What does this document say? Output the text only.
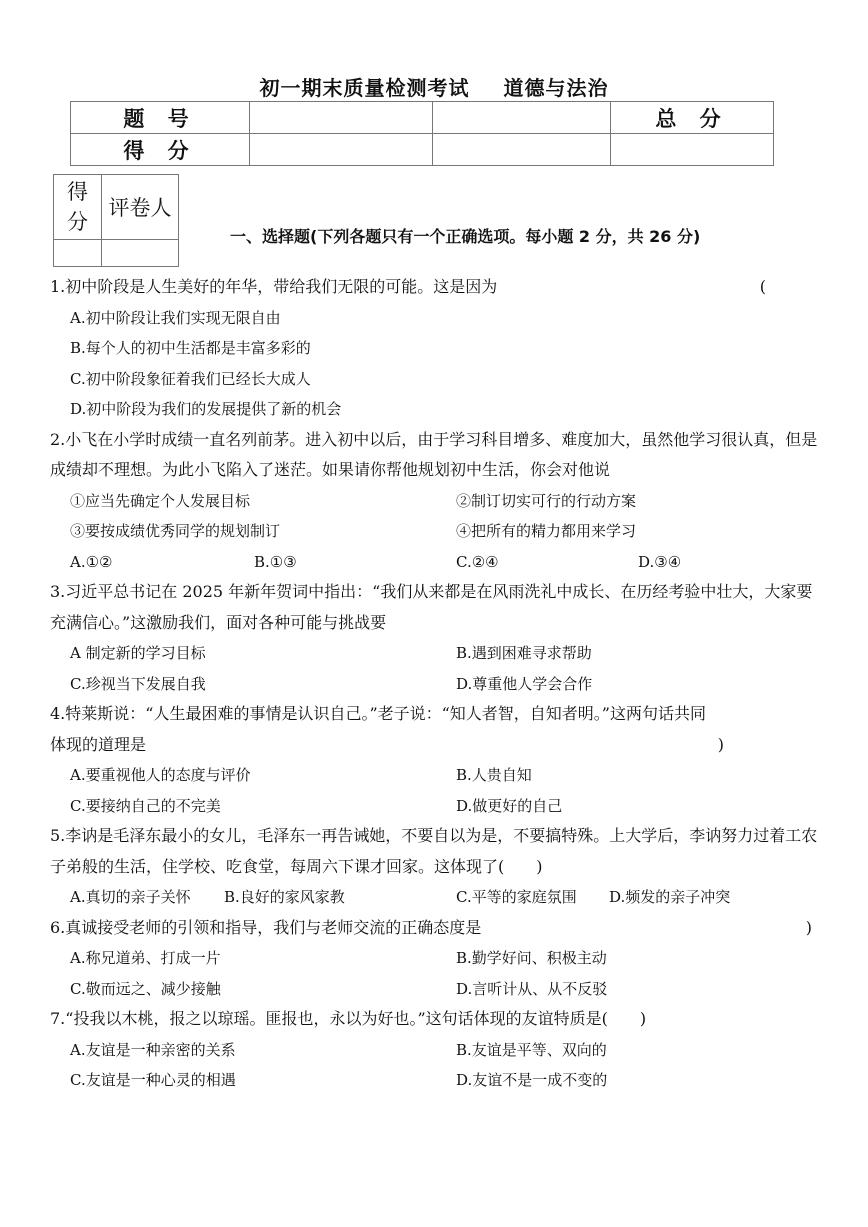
初一期末质量检测考试 道德与法治
题 号			总 分
得 分			
得 分	评卷人

一、选择题(下列各题只有一个正确选项。每小题 2 分，共 26 分)

1.初中阶段是人生美好的年华，带给我们无限的可能。这是因为	(
A.初中阶段让我们实现无限自由
B.每个人的初中生活都是丰富多彩的
C.初中阶段象征着我们已经长大成人
D.初中阶段为我们的发展提供了新的机会

2.小飞在小学时成绩一直名列前茅。进入初中以后，由于学习科目增多、难度加大，虽然他学习很认真，但是成绩却不理想。为此小飞陷入了迷茫。如果请你帮他规划初中生活，你会对他说

①应当先确定个人发展目标	②制订切实可行的行动方案
③要按成绩优秀同学的规划制订	④把所有的精力都用来学习
A.①②	B.①③	C.②④	D.③④

3.习近平总书记在 2025 年新年贺词中指出：“我们从来都是在风雨洗礼中成长、在历经考验中壮大，大家要充满信心。”这激励我们，面对各种可能与挑战要

A 制定新的学习目标	B.遇到困难寻求帮助
C.珍视当下发展自我	D.尊重他人学会合作

4.特莱斯说：“人生最困难的事情是认识自己。”老子说：“知人者智，自知者明。”这两句话共同体现的道理是	)
A.要重视他人的态度与评价	B.人贵自知
C.要接纳自己的不完美	D.做更好的自己

5.李讷是毛泽东最小的女儿，毛泽东一再告诫她，不要自以为是，不要搞特殊。上大学后，李讷努力过着工农子弟般的生活，住学校、吃食堂，每周六下课才回家。这体现了(　　)

A.真切的亲子关怀	B.良好的家风家教	C.平等的家庭氛围	D.频发的亲子冲突

6.真诚接受老师的引领和指导，我们与老师交流的正确态度是	)
A.称兄道弟、打成一片	B.勤学好问、积极主动
C.敬而远之、减少接触	D.言听计从、从不反驳

7.“投我以木桃，报之以琼瑶。匪报也，永以为好也。”这句话体现的友谊特质是(　　)

A.友谊是一种亲密的关系	B.友谊是平等、双向的
C.友谊是一种心灵的相遇	D.友谊不是一成不变的
